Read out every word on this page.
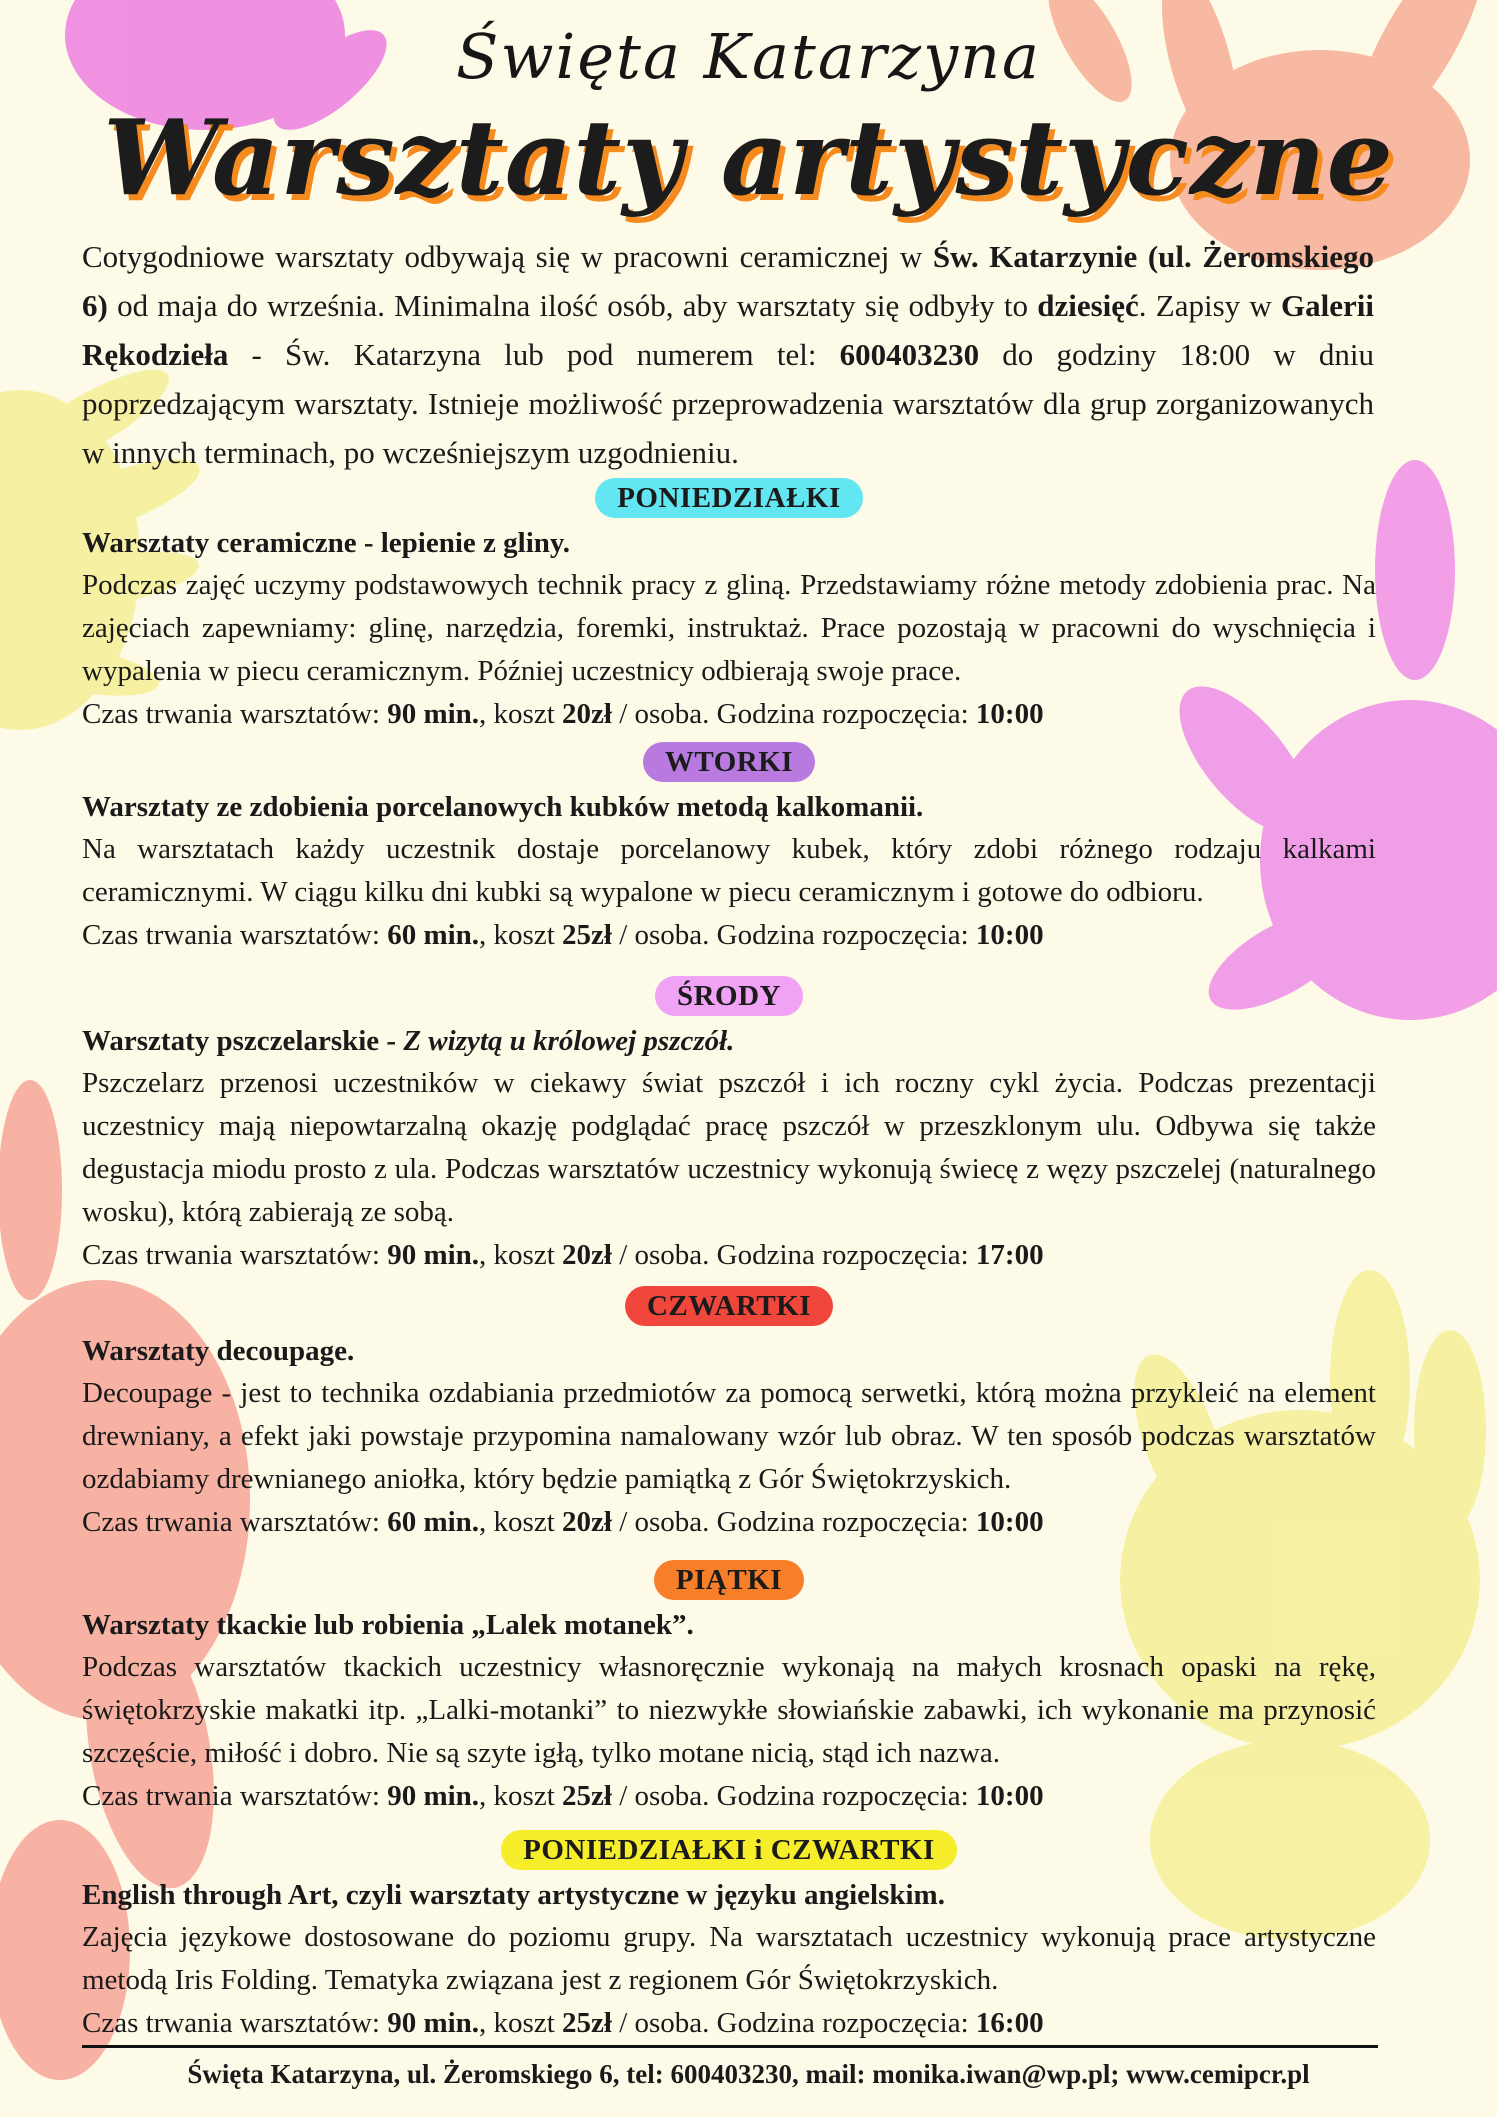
Święta Katarzyna
Warsztaty artystyczne
Cotygodniowe warsztaty odbywają się w pracowni ceramicznej w Św. Katarzynie (ul. Żeromskiego 6) od maja do września. Minimalna ilość osób, aby warsztaty się odbyły to dziesięć. Zapisy w Galerii Rękodzieła - Św. Katarzyna lub pod numerem tel: 600403230 do godziny 18:00 w dniu poprzedzającym warsztaty. Istnieje możliwość przeprowadzenia warsztatów dla grup zorganizowanych w innych terminach, po wcześniejszym uzgodnieniu.
PONIEDZIAŁKI
Warsztaty ceramiczne - lepienie z gliny.
Podczas zajęć uczymy podstawowych technik pracy z gliną. Przedstawiamy różne metody zdobienia prac. Na zajęciach zapewniamy: glinę, narzędzia, foremki, instruktaż. Prace pozostają w pracowni do wyschnięcia i wypalenia w piecu ceramicznym. Później uczestnicy odbierają swoje prace.
Czas trwania warsztatów: 90 min., koszt 20zł / osoba. Godzina rozpoczęcia: 10:00
WTORKI
Warsztaty ze zdobienia porcelanowych kubków metodą kalkomanii.
Na warsztatach każdy uczestnik dostaje porcelanowy kubek, który zdobi różnego rodzaju kalkami ceramicznymi. W ciągu kilku dni kubki są wypalone w piecu ceramicznym i gotowe do odbioru.
Czas trwania warsztatów: 60 min., koszt 25zł / osoba. Godzina rozpoczęcia: 10:00
ŚRODY
Warsztaty pszczelarskie - Z wizytą u królowej pszczół.
Pszczelarz przenosi uczestników w ciekawy świat pszczół i ich roczny cykl życia. Podczas prezentacji uczestnicy mają niepowtarzalną okazję podglądać pracę pszczół w przeszklonym ulu. Odbywa się także degustacja miodu prosto z ula. Podczas warsztatów uczestnicy wykonują świecę z węzy pszczelej (naturalnego wosku), którą zabierają ze sobą.
Czas trwania warsztatów: 90 min., koszt 20zł / osoba. Godzina rozpoczęcia: 17:00
CZWARTKI
Warsztaty decoupage.
Decoupage - jest to technika ozdabiania przedmiotów za pomocą serwetki, którą można przykleić na element drewniany, a efekt jaki powstaje przypomina namalowany wzór lub obraz. W ten sposób podczas warsztatów ozdabiamy drewnianego aniołka, który będzie pamiątką z Gór Świętokrzyskich.
Czas trwania warsztatów: 60 min., koszt 20zł / osoba. Godzina rozpoczęcia: 10:00
PIĄTKI
Warsztaty tkackie lub robienia „Lalek motanek”.
Podczas warsztatów tkackich uczestnicy własnoręcznie wykonają na małych krosnach opaski na rękę, świętokrzyskie makatki itp. „Lalki-motanki” to niezwykłe słowiańskie zabawki, ich wykonanie ma przynosić szczęście, miłość i dobro. Nie są szyte igłą, tylko motane nicią, stąd ich nazwa.
Czas trwania warsztatów: 90 min., koszt 25zł / osoba. Godzina rozpoczęcia: 10:00
PONIEDZIAŁKI i CZWARTKI
English through Art, czyli warsztaty artystyczne w języku angielskim.
Zajęcia językowe dostosowane do poziomu grupy. Na warsztatach uczestnicy wykonują prace artystyczne metodą Iris Folding. Tematyka związana jest z regionem Gór Świętokrzyskich.
Czas trwania warsztatów: 90 min., koszt 25zł / osoba. Godzina rozpoczęcia: 16:00
Święta Katarzyna, ul. Żeromskiego 6, tel: 600403230, mail: monika.iwan@wp.pl; www.cemipcr.pl
